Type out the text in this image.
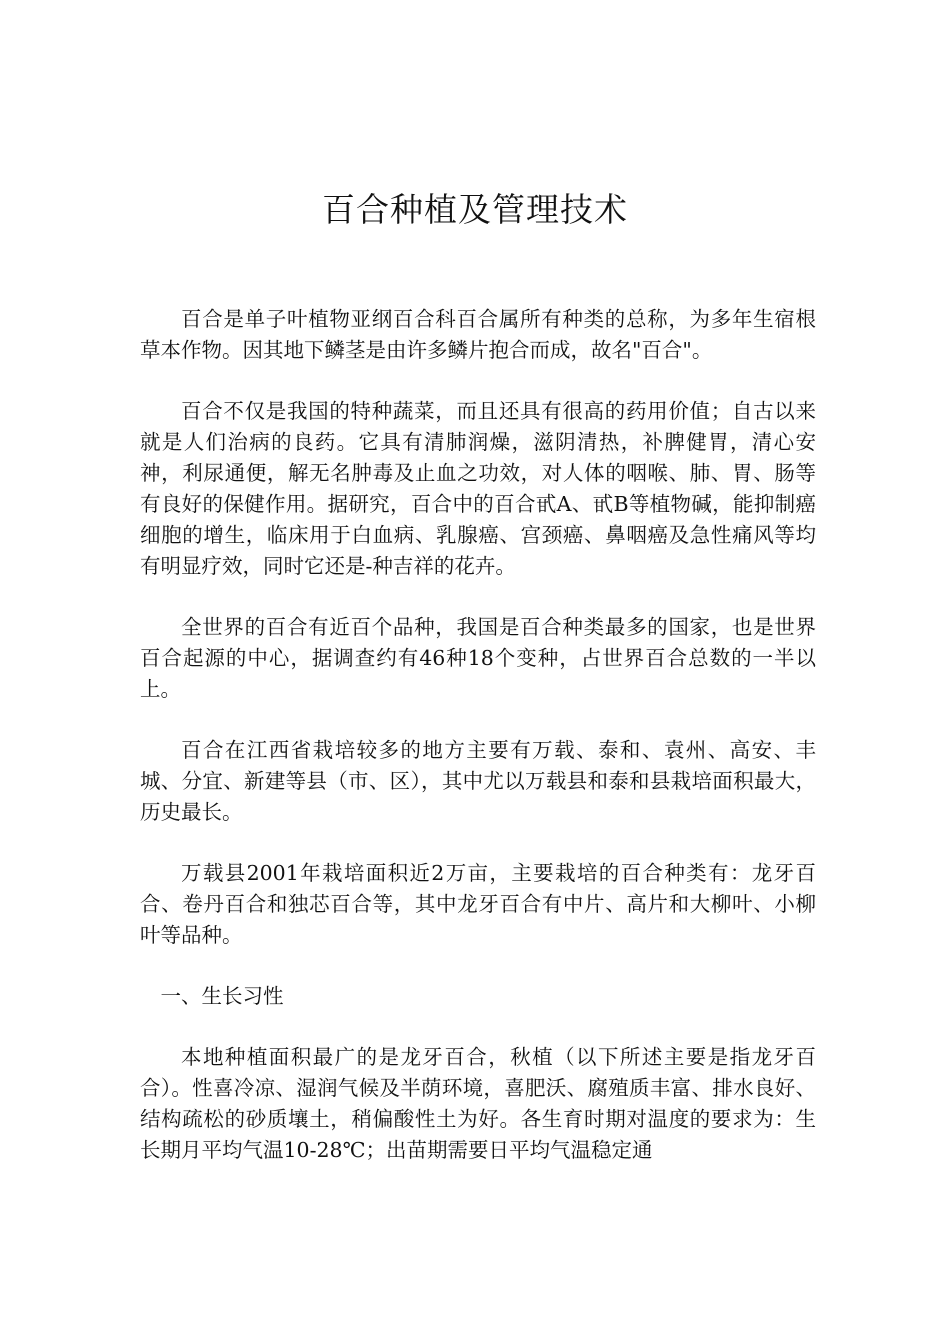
百合种植及管理技术

百合是单子叶植物亚纲百合科百合属所有种类的总称，为多年生宿根草本作物。因其地下鳞茎是由许多鳞片抱合而成，故名"百合"。

百合不仅是我国的特种蔬菜，而且还具有很高的药用价值；自古以来就是人们治病的良药。它具有清肺润燥，滋阴清热，补脾健胃，清心安神，利尿通便，解无名肿毒及止血之功效，对人体的咽喉、肺、胃、肠等有良好的保健作用。据研究，百合中的百合甙A、甙B等植物碱，能抑制癌细胞的增生，临床用于白血病、乳腺癌、宫颈癌、鼻咽癌及急性痛风等均有明显疗效，同时它还是-种吉祥的花卉。

全世界的百合有近百个品种，我国是百合种类最多的国家，也是世界百合起源的中心，据调查约有46种18个变种，占世界百合总数的一半以上。

百合在江西省栽培较多的地方主要有万载、泰和、袁州、高安、丰城、分宜、新建等县（市、区），其中尤以万载县和泰和县栽培面积最大，历史最长。

万载县2001年栽培面积近2万亩，主要栽培的百合种类有：龙牙百合、卷丹百合和独芯百合等，其中龙牙百合有中片、高片和大柳叶、小柳叶等品种。

一、生长习性

本地种植面积最广的是龙牙百合，秋植（以下所述主要是指龙牙百合）。性喜冷凉、湿润气候及半荫环境，喜肥沃、腐殖质丰富、排水良好、结构疏松的砂质壤土，稍偏酸性土为好。各生育时期对温度的要求为：生长期月平均气温10-28℃；出苗期需要日平均气温稳定通
